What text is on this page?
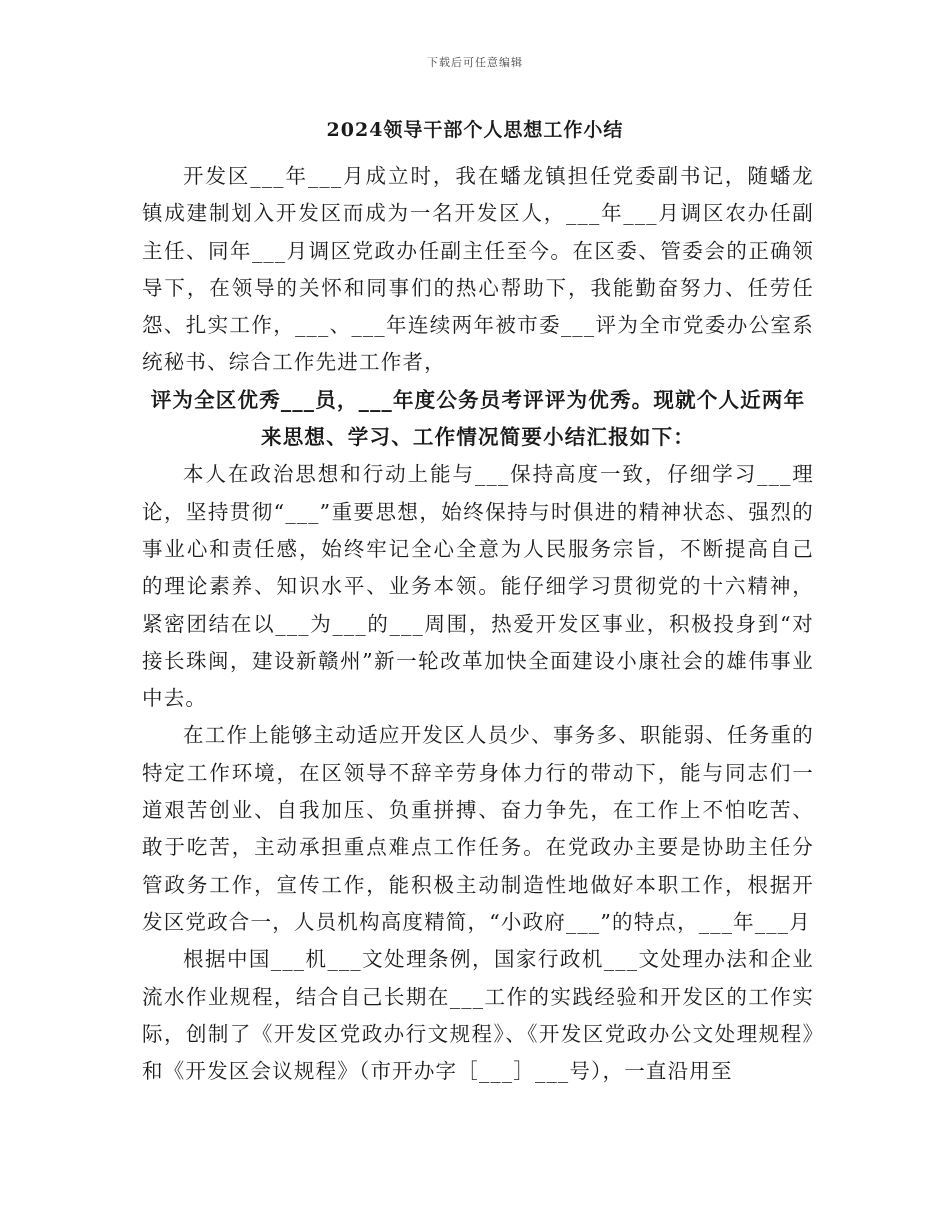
下载后可任意编辑
2024领导干部个人思想工作小结

开发区___年___月成立时，我在蟠龙镇担任党委副书记，随蟠龙镇成建制划入开发区而成为一名开发区人，___年___月调区农办任副主任、同年___月调区党政办任副主任至今。在区委、管委会的正确领导下，在领导的关怀和同事们的热心帮助下，我能勤奋努力、任劳任怨、扎实工作，___、___年连续两年被市委___评为全市党委办公室系统秘书、综合工作先进工作者，

评为全区优秀___员，___年度公务员考评评为优秀。现就个人近两年来思想、学习、工作情况简要小结汇报如下：

本人在政治思想和行动上能与___保持高度一致，仔细学习___理论，坚持贯彻“___”重要思想，始终保持与时俱进的精神状态、强烈的事业心和责任感，始终牢记全心全意为人民服务宗旨，不断提高自己的理论素养、知识水平、业务本领。能仔细学习贯彻党的十六精神，紧密团结在以___为___的___周围，热爱开发区事业，积极投身到“对接长珠闽，建设新赣州”新一轮改革加快全面建设小康社会的雄伟事业中去。

在工作上能够主动适应开发区人员少、事务多、职能弱、任务重的特定工作环境，在区领导不辞辛劳身体力行的带动下，能与同志们一道艰苦创业、自我加压、负重拼搏、奋力争先，在工作上不怕吃苦、敢于吃苦，主动承担重点难点工作任务。在党政办主要是协助主任分管政务工作，宣传工作，能积极主动制造性地做好本职工作，根据开发区党政合一，人员机构高度精简，“小政府___”的特点，___年___月

根据中国___机___文处理条例，国家行政机___文处理办法和企业流水作业规程，结合自己长期在___工作的实践经验和开发区的工作实际，创制了《开发区党政办行文规程》、《开发区党政办公文处理规程》和《开发区会议规程》（市开办字［___］___号），一直沿用至
